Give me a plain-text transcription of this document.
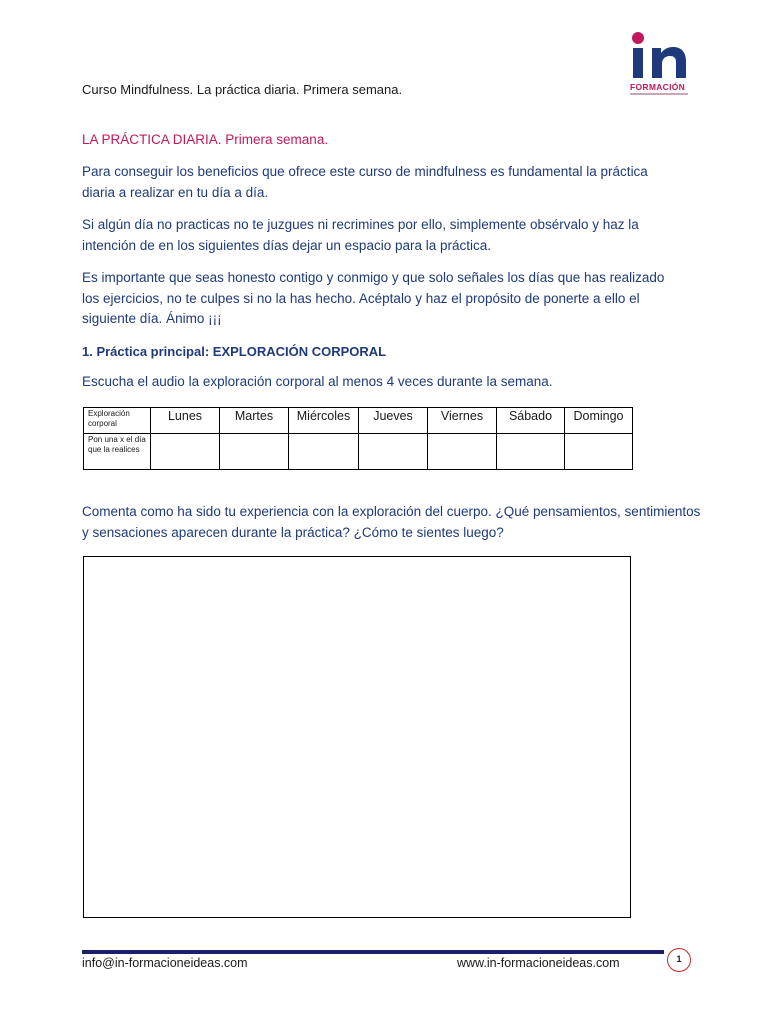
Curso Mindfulness. La práctica diaria. Primera semana.	FORMACIÓN
LA PRÁCTICA DIARIA. Primera semana.

Para conseguir los beneficios que ofrece este curso de mindfulness es fundamental la práctica diaria a realizar en tu día a día.

Si algún día no practicas no te juzgues ni recrimines por ello, simplemente obsérvalo y haz la intención de en los siguientes días dejar un espacio para la práctica.

Es importante que seas honesto contigo y conmigo y que solo señales los días que has realizado los ejercicios, no te culpes si no la has hecho. Acéptalo y haz el propósito de ponerte a ello el siguiente día. Ánimo ¡¡¡

1. Práctica principal: EXPLORACIÓN CORPORAL
Escucha el audio la exploración corporal al menos 4 veces durante la semana.
Exploración corporal	Lunes	Martes	Miércoles	Jueves	Viernes	Sábado	Domingo
Pon una x el día que la realices							

Comenta como ha sido tu experiencia con la exploración del cuerpo. ¿Qué pensamientos, sentimientos y sensaciones aparecen durante la práctica? ¿Cómo te sientes luego?

info@in-formacioneideas.com	www.in-formacioneideas.com	1
